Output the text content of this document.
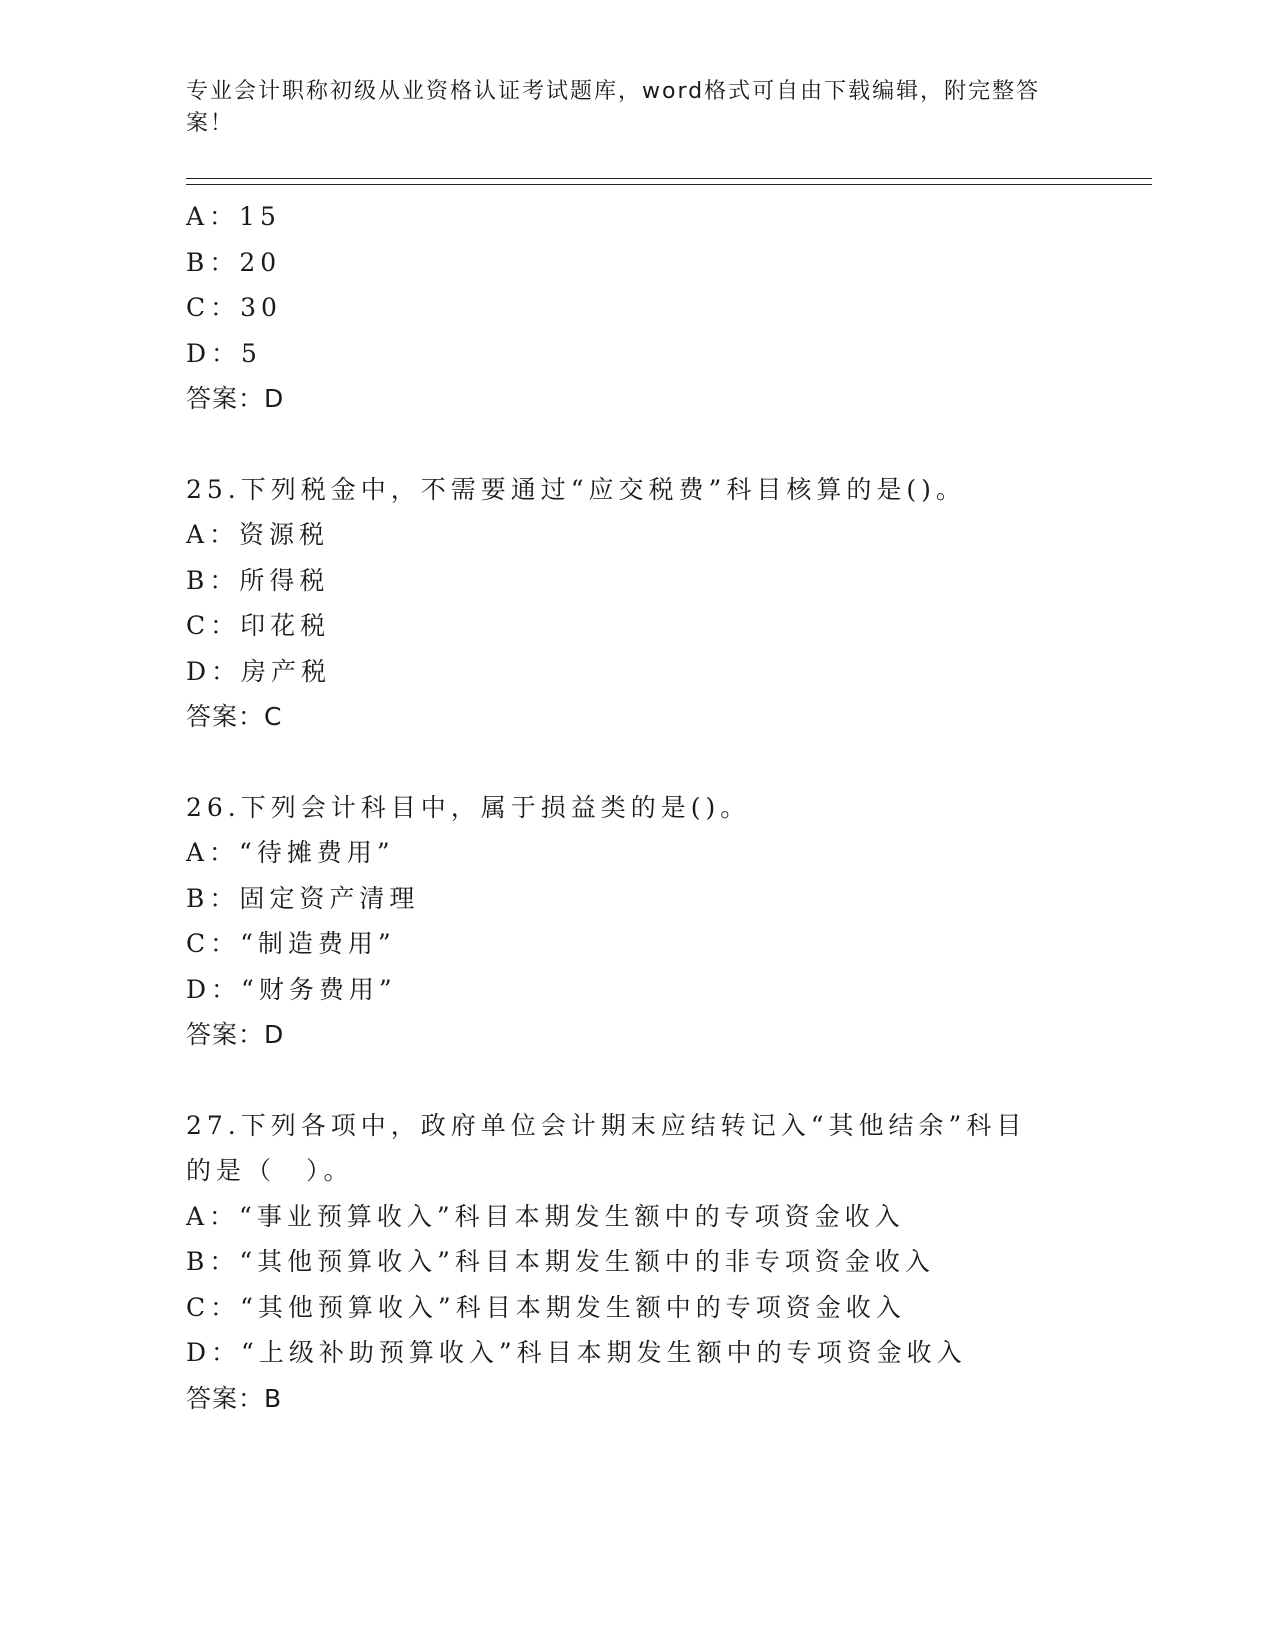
专业会计职称初级从业资格认证考试题库，word格式可自由下载编辑，附完整答案！
A：15
B：20
C：30
D：5
答案：D
25.下列税金中，不需要通过“应交税费”科目核算的是()。
A：资源税
B：所得税
C：印花税
D：房产税
答案：C
26.下列会计科目中，属于损益类的是()。
A：“待摊费用”
B：固定资产清理
C：“制造费用”
D：“财务费用”
答案：D
27.下列各项中，政府单位会计期末应结转记入“其他结余”科目的是（　）。
A：“事业预算收入”科目本期发生额中的专项资金收入
B：“其他预算收入”科目本期发生额中的非专项资金收入
C：“其他预算收入”科目本期发生额中的专项资金收入
D：“上级补助预算收入”科目本期发生额中的专项资金收入
答案：B
